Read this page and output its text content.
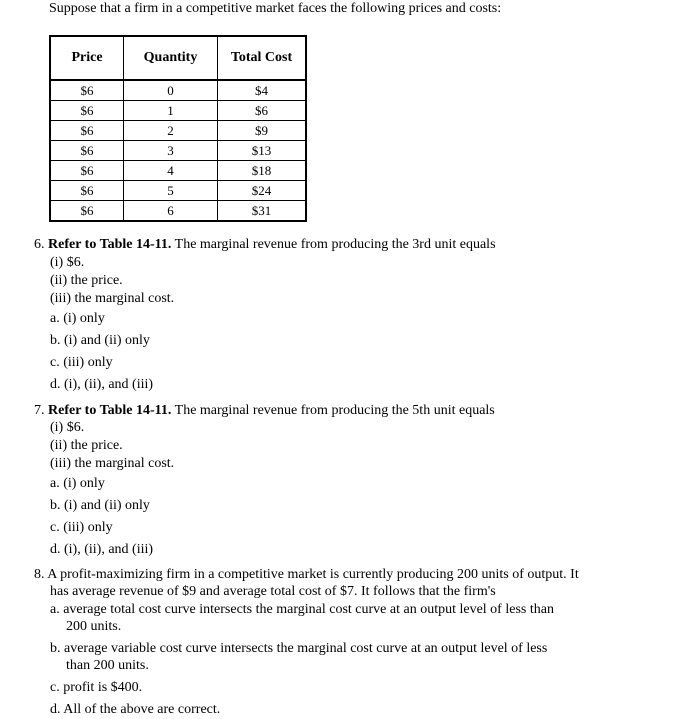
Suppose that a firm in a competitive market faces the following prices and costs:
Price	Quantity	Total Cost
$6	0	$4
$6	1	$6
$6	2	$9
$6	3	$13
$6	4	$18
$6	5	$24
$6	6	$31
6. Refer to Table 14-11. The marginal revenue from producing the 3rd unit equals
(i) $6.
(ii) the price.
(iii) the marginal cost.
a. (i) only
b. (i) and (ii) only
c. (iii) only
d. (i), (ii), and (iii)
7. Refer to Table 14-11. The marginal revenue from producing the 5th unit equals
(i) $6.
(ii) the price.
(iii) the marginal cost.
a. (i) only
b. (i) and (ii) only
c. (iii) only
d. (i), (ii), and (iii)
8. A profit-maximizing firm in a competitive market is currently producing 200 units of output. It
has average revenue of $9 and average total cost of $7. It follows that the firm's
a. average total cost curve intersects the marginal cost curve at an output level of less than
200 units.
b. average variable cost curve intersects the marginal cost curve at an output level of less
than 200 units.
c. profit is $400.
d. All of the above are correct.
